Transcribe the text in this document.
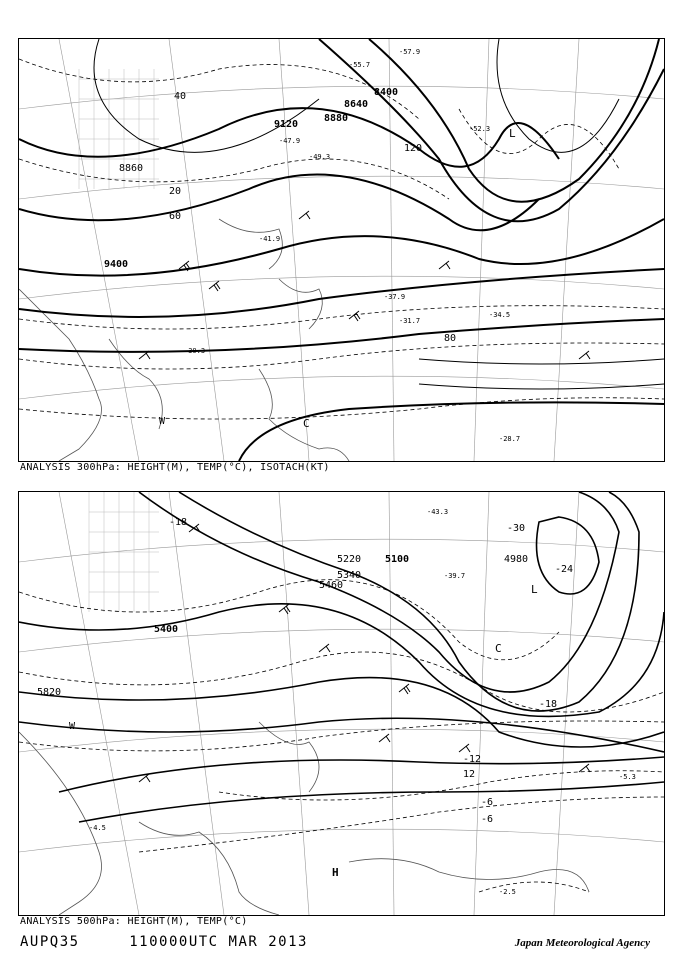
9120
8880
8640
8400
8860
9400
20
40
60
80
120
-57.9
-55.7
-52.3
-47.9
-49.3
-41.9
-37.9
-34.5
-31.7
-30.3
-28.7
L
W	C
ANALYSIS 300hPa: HEIGHT(M), TEMP(°C), ISOTACH(KT)
5220 5100
5340
5460
5400
5820
4980
-43.3
-39.7
-30
-24
-18
-12
-6
-5.3
-4.5
-2.5
-18
12
-6
L
C
W
H
ANALYSIS 500hPa: HEIGHT(M), TEMP(°C)
AUPQ35	110000UTC MAR 2013	Japan Meteorological Agency
